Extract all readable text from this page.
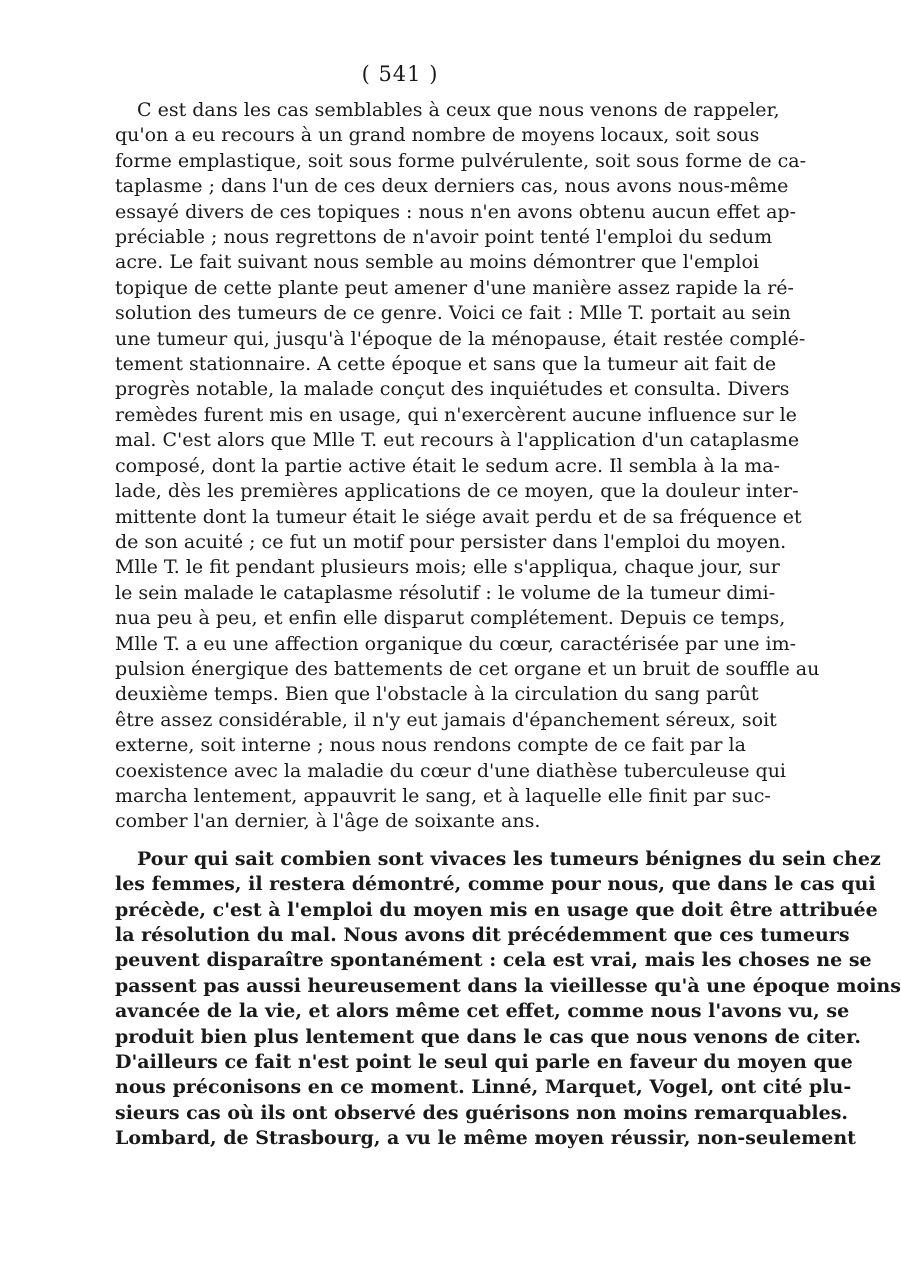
( 541 )
C est dans les cas semblables à ceux que nous venons de rappeler,
qu'on a eu recours à un grand nombre de moyens locaux, soit sous
forme emplastique, soit sous forme pulvérulente, soit sous forme de ca-
taplasme ; dans l'un de ces deux derniers cas, nous avons nous-même
essayé divers de ces topiques : nous n'en avons obtenu aucun effet ap-
préciable ; nous regrettons de n'avoir point tenté l'emploi du sedum
acre. Le fait suivant nous semble au moins démontrer que l'emploi
topique de cette plante peut amener d'une manière assez rapide la ré-
solution des tumeurs de ce genre. Voici ce fait : Mlle T. portait au sein
une tumeur qui, jusqu'à l'époque de la ménopause, était restée complé-
tement stationnaire. A cette époque et sans que la tumeur ait fait de
progrès notable, la malade conçut des inquiétudes et consulta. Divers
remèdes furent mis en usage, qui n'exercèrent aucune influence sur le
mal. C'est alors que Mlle T. eut recours à l'application d'un cataplasme
composé, dont la partie active était le sedum acre. Il sembla à la ma-
lade, dès les premières applications de ce moyen, que la douleur inter-
mittente dont la tumeur était le siége avait perdu et de sa fréquence et
de son acuité ; ce fut un motif pour persister dans l'emploi du moyen.
Mlle T. le fit pendant plusieurs mois; elle s'appliqua, chaque jour, sur
le sein malade le cataplasme résolutif : le volume de la tumeur dimi-
nua peu à peu, et enfin elle disparut complétement. Depuis ce temps,
Mlle T. a eu une affection organique du cœur, caractérisée par une im-
pulsion énergique des battements de cet organe et un bruit de souffle au
deuxième temps. Bien que l'obstacle à la circulation du sang parût
être assez considérable, il n'y eut jamais d'épanchement séreux, soit
externe, soit interne ; nous nous rendons compte de ce fait par la
coexistence avec la maladie du cœur d'une diathèse tuberculeuse qui
marcha lentement, appauvrit le sang, et à laquelle elle finit par suc-
comber l'an dernier, à l'âge de soixante ans.
Pour qui sait combien sont vivaces les tumeurs bénignes du sein chez
les femmes, il restera démontré, comme pour nous, que dans le cas qui
précède, c'est à l'emploi du moyen mis en usage que doit être attribuée
la résolution du mal. Nous avons dit précédemment que ces tumeurs
peuvent disparaître spontanément : cela est vrai, mais les choses ne se
passent pas aussi heureusement dans la vieillesse qu'à une époque moins
avancée de la vie, et alors même cet effet, comme nous l'avons vu, se
produit bien plus lentement que dans le cas que nous venons de citer.
D'ailleurs ce fait n'est point le seul qui parle en faveur du moyen que
nous préconisons en ce moment. Linné, Marquet, Vogel, ont cité plu-
sieurs cas où ils ont observé des guérisons non moins remarquables.
Lombard, de Strasbourg, a vu le même moyen réussir, non-seulement
